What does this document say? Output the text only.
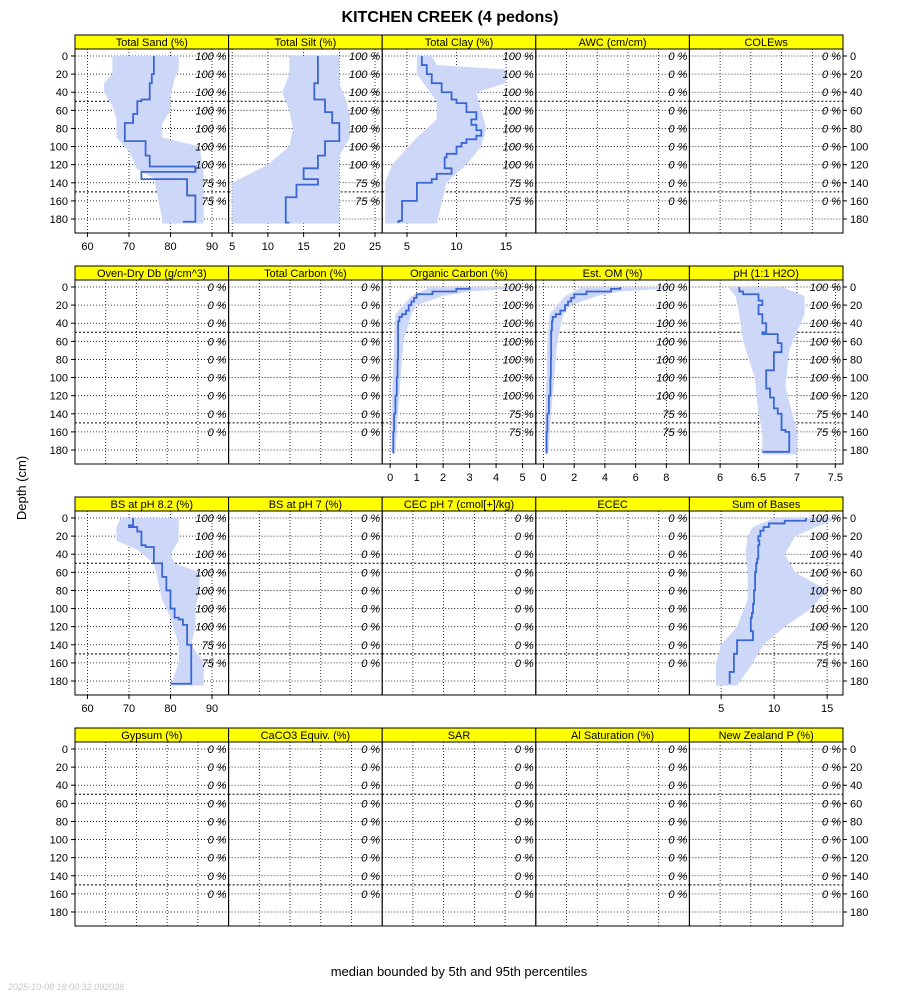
KITCHEN CREEK (4 pedons)
Depth (cm)
median bounded by 5th and 95th percentiles
2025-10-08 18:00:32.092036
Total Sand (%)
100 %
100 %
100 %
100 %
100 %
100 %
100 %
75 %
75 %
60	70	80	90
0
20
40
60
80
100
120
140
160
180
Total Silt (%)
100 %
100 %
100 %
100 %
100 %
100 %
100 %
75 %
75 %
5 10 15 20 25
Total Clay (%)
100 %
100 %
100 %
100 %
100 %
100 %
100 %
75 %
75 %
5	10	15
AWC (cm/cm)
0 %
0 %
0 %
0 %
0 %
0 %
0 %
0 %
0 %
COLEws
0 %
0 %
0 %
0 %
0 %
0 %
0 %
0 %
0 %
0
20
40
60
80
100
120
140
160
180
Oven-Dry Db (g/cm^3)
0 %
0 %
0 %
0 %
0 %
0 %
0 %
0 %
0 %
0
20
40
60
80
100
120
140
160
180
Total Carbon (%)
0 %
0 %
0 %
0 %
0 %
0 %
0 %
0 %
0 %
Organic Carbon (%)
100 %
100 %
100 %
100 %
100 %
100 %
100 %
75 %
75 %
0 1 2 3 4 5
Est. OM (%)
100 %
100 %
100 %
100 %
100 %
100 %
100 %
75 %
75 %
0 2 4 6 8
pH (1:1 H2O)
100 %
100 %
100 %
100 %
100 %
100 %
100 %
75 %
75 %
6	6.5	7	7.5
0
20
40
60
80
100
120
140
160
180
BS at pH 8.2 (%)
100 %
100 %
100 %
100 %
100 %
100 %
100 %
75 %
75 %
60	70	80	90
0
20
40
60
80
100
120
140
160
180
BS at pH 7 (%)
0 %
0 %
0 %
0 %
0 %
0 %
0 %
0 %
0 %
CEC pH 7 (cmol[+]/kg)
0 %
0 %
0 %
0 %
0 %
0 %
0 %
0 %
0 %
ECEC
0 %
0 %
0 %
0 %
0 %
0 %
0 %
0 %
0 %
Sum of Bases
100 %
100 %
100 %
100 %
100 %
100 %
100 %
75 %
75 %
5	10	15
0
20
40
60
80
100
120
140
160
180
Gypsum (%)
0 %
0 %
0 %
0 %
0 %
0 %
0 %
0 %
0 %
0
20
40
60
80
100
120
140
160
180
CaCO3 Equiv. (%)
0 %
0 %
0 %
0 %
0 %
0 %
0 %
0 %
0 %
SAR
0 %
0 %
0 %
0 %
0 %
0 %
0 %
0 %
0 %
Al Saturation (%)
0 %
0 %
0 %
0 %
0 %
0 %
0 %
0 %
0 %
New Zealand P (%)
0 %
0 %
0 %
0 %
0 %
0 %
0 %
0 %
0 %
0
20
40
60
80
100
120
140
160
180
